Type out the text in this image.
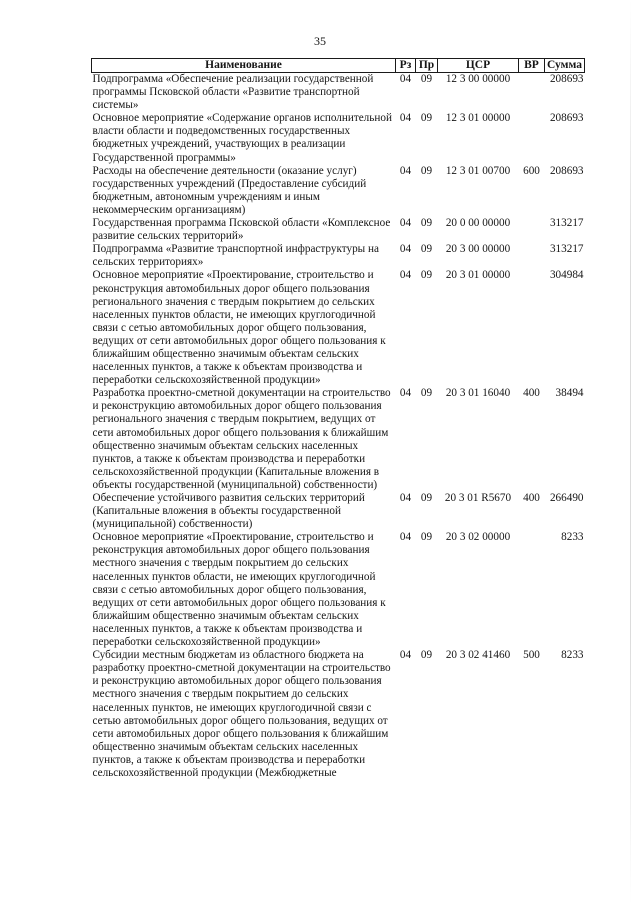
35
Наименование	Рз	Пр	ЦСР	ВР	Сумма
Подпрограмма «Обеспечение реализации государственной программы Псковской области «Развитие транспортной системы»	04	09	12 3 00 00000		208693
Основное мероприятие «Содержание органов исполнительной власти области и подведомственных государственных бюджетных учреждений, участвующих в реализации Государственной программы»	04	09	12 3 01 00000		208693
Расходы на обеспечение деятельности (оказание услуг) государственных учреждений (Предоставление субсидий бюджетным, автономным учреждениям и иным некоммерческим организациям)	04	09	12 3 01 00700	600	208693
Государственная программа Псковской области «Комплексное развитие сельских территорий»	04	09	20 0 00 00000		313217
Подпрограмма «Развитие транспортной инфраструктуры на сельских территориях»	04	09	20 3 00 00000		313217
Основное мероприятие «Проектирование, строительство и реконструкция автомобильных дорог общего пользования регионального значения с твердым покрытием до сельских населенных пунктов области, не имеющих круглогодичной связи с сетью автомобильных дорог общего пользования, ведущих от сети автомобильных дорог общего пользования к ближайшим общественно значимым объектам сельских населенных пунктов, а также к объектам производства и переработки сельскохозяйственной продукции»	04	09	20 3 01 00000		304984
Разработка проектно-сметной документации на строительство и реконструкцию автомобильных дорог общего пользования регионального значения с твердым покрытием, ведущих от сети автомобильных дорог общего пользования к ближайшим общественно значимым объектам сельских населенных пунктов, а также к объектам производства и переработки сельскохозяйственной продукции (Капитальные вложения в объекты государственной (муниципальной) собственности)	04	09	20 3 01 16040	400	38494
Обеспечение устойчивого развития сельских территорий (Капитальные вложения в объекты государственной (муниципальной) собственности)	04	09	20 3 01 R5670	400	266490
Основное мероприятие «Проектирование, строительство и реконструкция автомобильных дорог общего пользования местного значения с твердым покрытием до сельских населенных пунктов области, не имеющих круглогодичной связи с сетью автомобильных дорог общего пользования, ведущих от сети автомобильных дорог общего пользования к ближайшим общественно значимым объектам сельских населенных пунктов, а также к объектам производства и переработки сельскохозяйственной продукции»	04	09	20 3 02 00000		8233
Субсидии местным бюджетам из областного бюджета на разработку проектно-сметной документации на строительство и реконструкцию автомобильных дорог общего пользования местного значения с твердым покрытием до сельских населенных пунктов, не имеющих круглогодичной связи с сетью автомобильных дорог общего пользования, ведущих от сети автомобильных дорог общего пользования к ближайшим общественно значимым объектам сельских населенных пунктов, а также к объектам производства и переработки сельскохозяйственной продукции (Межбюджетные	04	09	20 3 02 41460	500	8233
